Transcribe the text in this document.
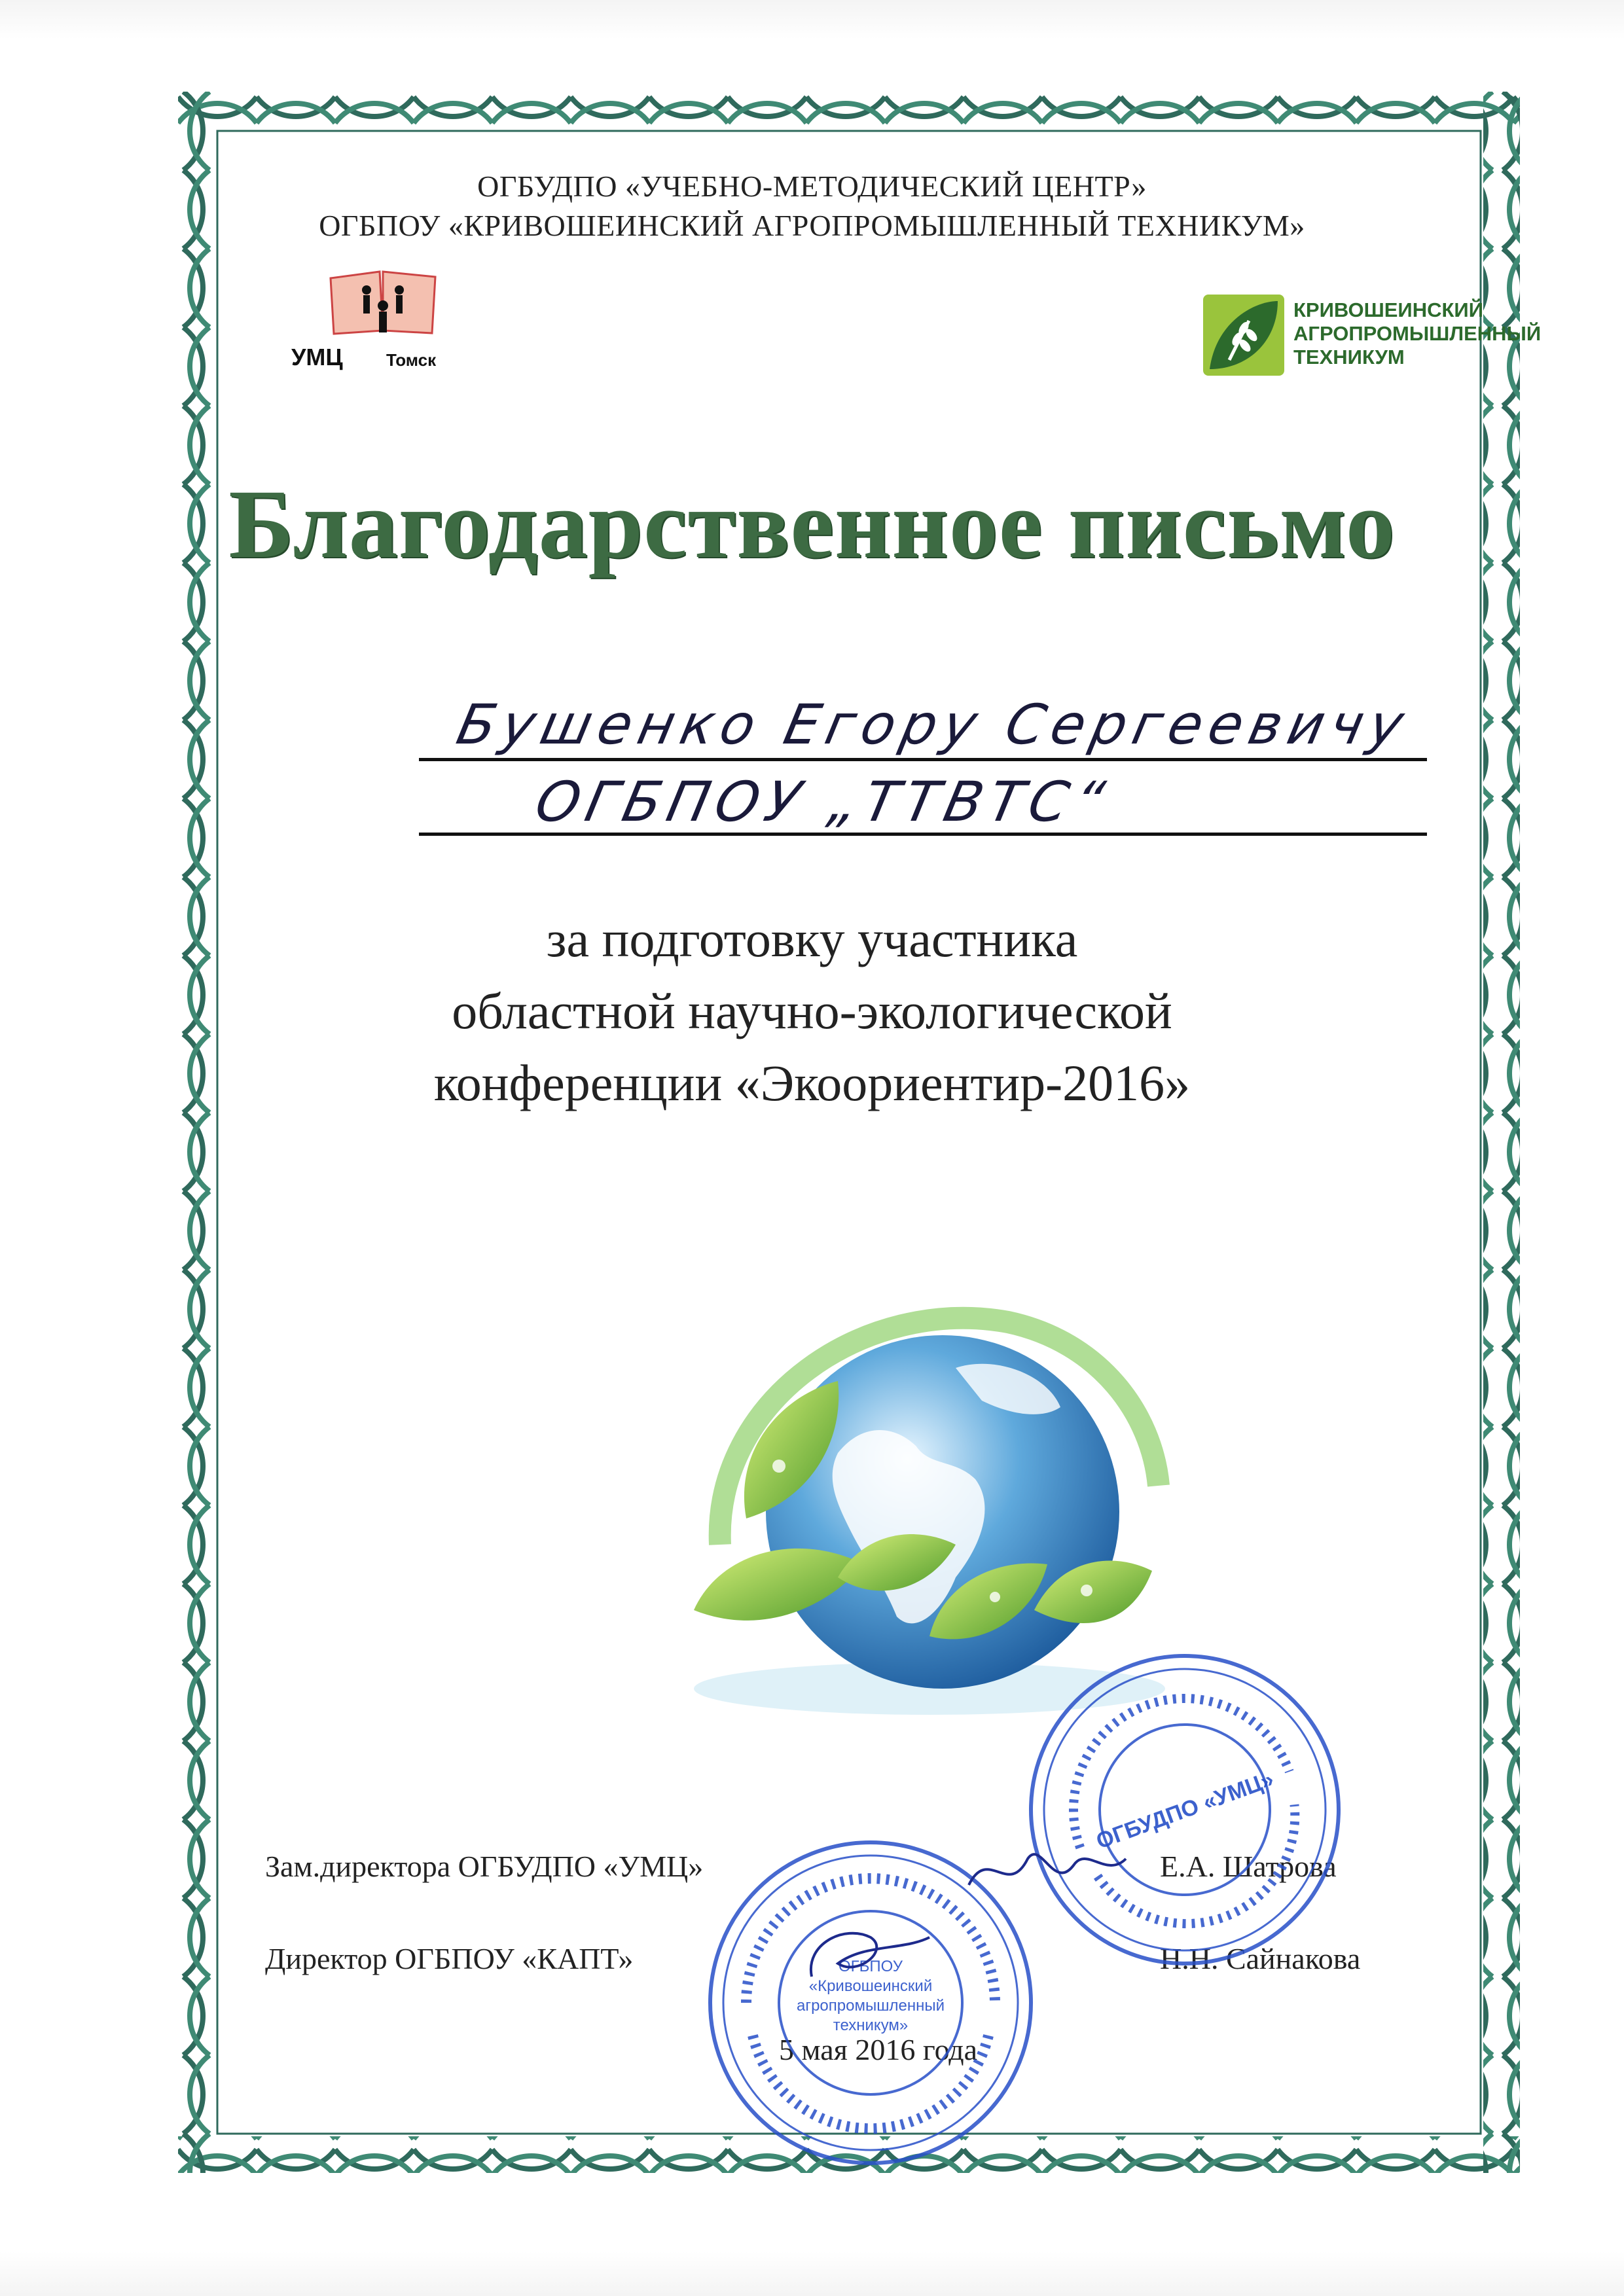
ОГБУДПО «УЧЕБНО-МЕТОДИЧЕСКИЙ ЦЕНТР»
ОГБПОУ «КРИВОШЕИНСКИЙ АГРОПРОМЫШЛЕННЫЙ ТЕХНИКУМ»
УМЦ	Томск
КРИВОШЕИНСКИЙ
АГРОПРОМЫШЛЕННЫЙ
ТЕХНИКУМ
Благодарственное письмо
Бушенко Егору Сергеевичу
ОГБПОУ „ТТВТС“
за подготовку участника
областной научно-экологической
конференции «Экоориентир-2016»
Зам.директора ОГБУДПО «УМЦ»	Е.А. Шатрова
Директор ОГБПОУ «КАПТ»	Н.Н. Сайнакова
5 мая 2016 года
ОГБУДПО «УМЦ»
ОГБПОУ «Кривошеинский агропромышленный техникум»
